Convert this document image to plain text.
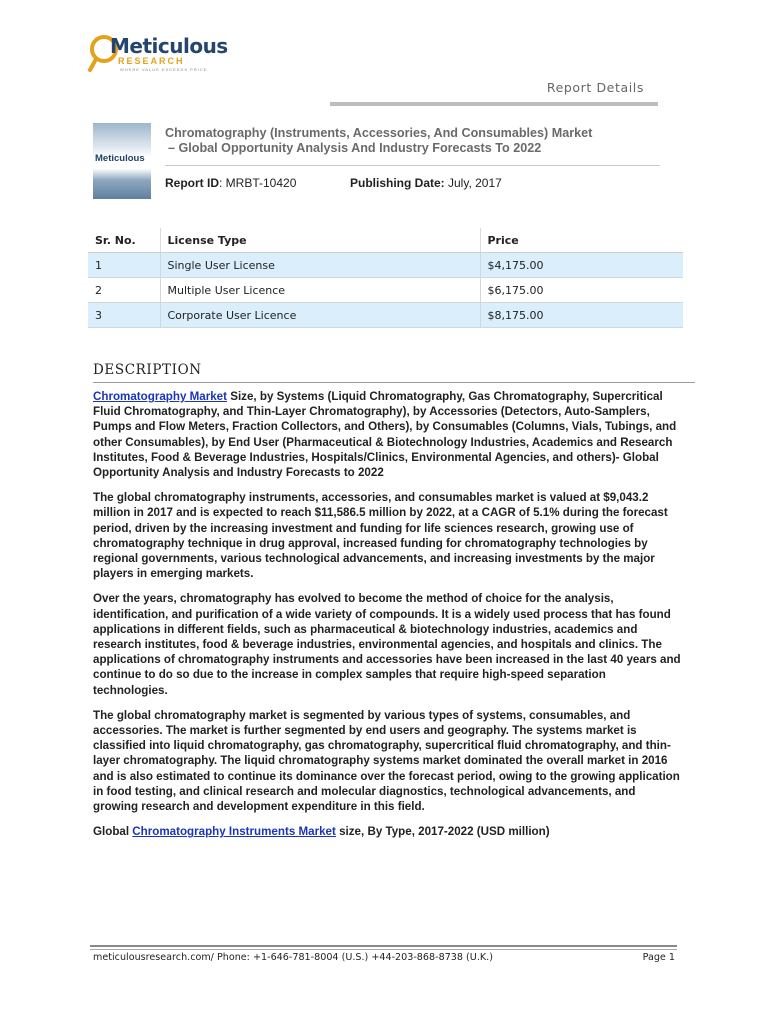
Meticulous
RESEARCH
WHERE VALUE EXCEEDS PRICE
Report Details
Meticulous
Chromatography (Instruments, Accessories, And Consumables) Market
– Global Opportunity Analysis And Industry Forecasts To 2022
Report ID: MRBT-10420	Publishing Date: July, 2017
Sr. No.	License Type	Price
1	Single User License	$4,175.00
2	Multiple User Licence	$6,175.00
3	Corporate User Licence	$8,175.00
DESCRIPTION

Chromatography Market Size, by Systems (Liquid Chromatography, Gas Chromatography, Supercritical Fluid Chromatography, and Thin-Layer Chromatography), by Accessories (Detectors, Auto-Samplers, Pumps and Flow Meters, Fraction Collectors, and Others), by Consumables (Columns, Vials, Tubings, and other Consumables), by End User (Pharmaceutical & Biotechnology Industries, Academics and Research Institutes, Food & Beverage Industries, Hospitals/Clinics, Environmental Agencies, and others)- Global Opportunity Analysis and Industry Forecasts to 2022

The global chromatography instruments, accessories, and consumables market is valued at $9,043.2 million in 2017 and is expected to reach $11,586.5 million by 2022, at a CAGR of 5.1% during the forecast period, driven by the increasing investment and funding for life sciences research, growing use of chromatography technique in drug approval, increased funding for chromatography technologies by regional governments, various technological advancements, and increasing investments by the major players in emerging markets.

Over the years, chromatography has evolved to become the method of choice for the analysis, identification, and purification of a wide variety of compounds. It is a widely used process that has found applications in different fields, such as pharmaceutical & biotechnology industries, academics and research institutes, food & beverage industries, environmental agencies, and hospitals and clinics. The applications of chromatography instruments and accessories have been increased in the last 40 years and continue to do so due to the increase in complex samples that require high-speed separation technologies.

The global chromatography market is segmented by various types of systems, consumables, and accessories. The market is further segmented by end users and geography. The systems market is classified into liquid chromatography, gas chromatography, supercritical fluid chromatography, and thin-layer chromatography. The liquid chromatography systems market dominated the overall market in 2016 and is also estimated to continue its dominance over the forecast period, owing to the growing application in food testing, and clinical research and molecular diagnostics, technological advancements, and growing research and development expenditure in this field.

Global Chromatography Instruments Market size, By Type, 2017-2022 (USD million)

meticulousresearch.com/ Phone: +1-646-781-8004 (U.S.) +44-203-868-8738 (U.K.)	Page 1
